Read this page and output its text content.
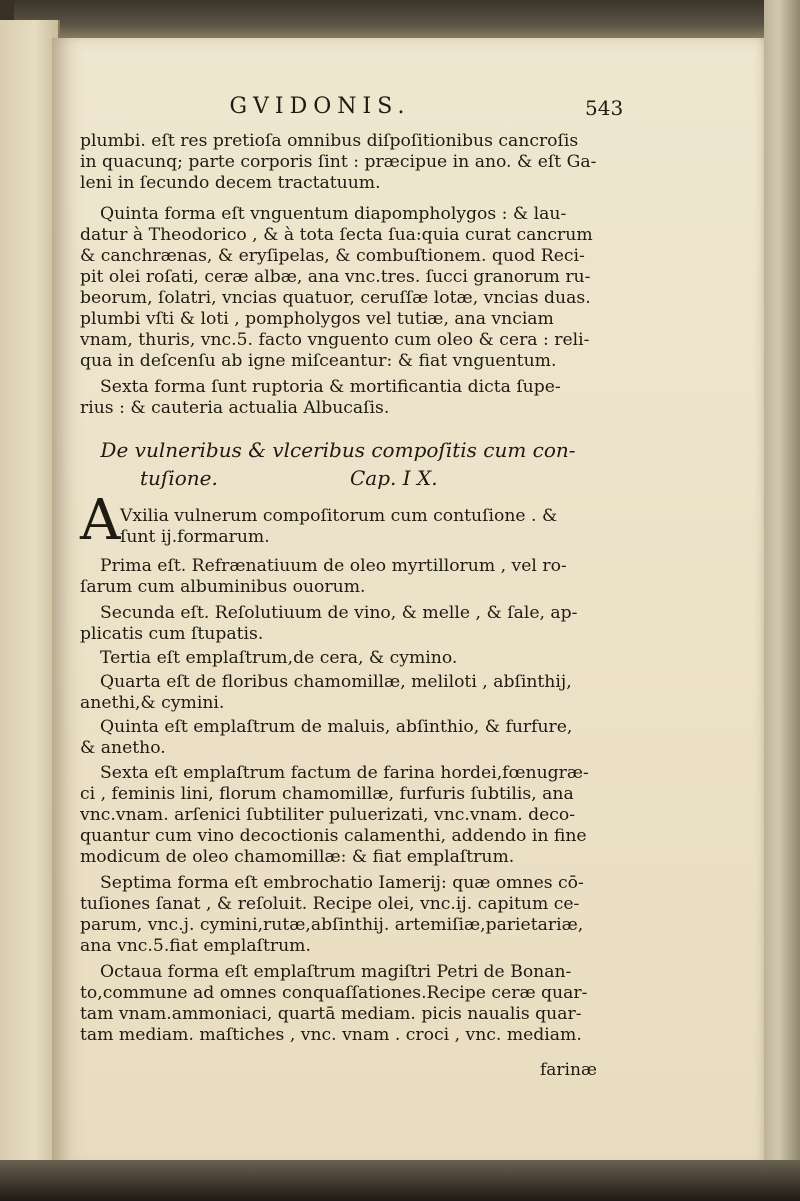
GVIDONIS.	543
plumbi. eſt res pretioſa omnibus diſpoſitionibus cancroſis
in quacunq; parte corporis ſint : præcipue in ano. & eſt Ga-
leni in ſecundo decem tractatuum.
Quinta forma eſt vnguentum diapompholygos : & lau-
datur à Theodorico , & à tota ſecta ſua:quia curat cancrum
& canchrænas, & eryſipelas, & combuſtionem. quod Reci-
pit olei roſati, ceræ albæ, ana vnc.tres. ſucci granorum ru-
beorum, ſolatri, vncias quatuor, ceruſſæ lotæ, vncias duas.
plumbi vſti & loti , pompholygos vel tutiæ, ana vnciam
vnam, thuris, vnc.5. facto vnguento cum oleo & cera : reli-
qua in deſcenſu ab igne miſceantur: & fiat vnguentum.
Sexta forma ſunt ruptoria & mortificantia dicta ſupe-
rius : & cauteria actualia Albucaſis.
De vulneribus & vlceribus compoſitis cum con-
tuſione.	Cap. I X.
A Vxilia vulnerum compoſitorum cum contuſione . &
ſunt ij.formarum.
Prima eſt. Refrænatiuum de oleo myrtillorum , vel ro-
ſarum cum albuminibus ouorum.
Secunda eſt. Reſolutiuum de vino, & melle , & ſale, ap-
plicatis cum ſtupatis.
Tertia eſt emplaſtrum,de cera, & cymino.
Quarta eſt de floribus chamomillæ, meliloti , abſinthij,
anethi,& cymini.
Quinta eſt emplaſtrum de maluis, abſinthio, & furfure,
& anetho.
Sexta eſt emplaſtrum factum de farina hordei,fœnugræ-
ci , feminis lini, florum chamomillæ, furfuris ſubtilis, ana
vnc.vnam. arſenici ſubtiliter puluerizati, vnc.vnam. deco-
quantur cum vino decoctionis calamenthi, addendo in fine
modicum de oleo chamomillæ: & fiat emplaſtrum.
Septima forma eſt embrochatio Iamerij: quæ omnes cō-
tuſiones ſanat , & reſoluit. Recipe olei, vnc.ij. capitum ce-
parum, vnc.j. cymini,rutæ,abſinthij. artemiſiæ,parietariæ,
ana vnc.5.fiat emplaſtrum.
Octaua forma eſt emplaſtrum magiſtri Petri de Bonan-
to,commune ad omnes conquaſſationes.Recipe ceræ quar-
tam vnam.ammoniaci, quartā mediam. picis naualis quar-
tam mediam. maſtiches , vnc. vnam . croci , vnc. mediam.
farinæ
